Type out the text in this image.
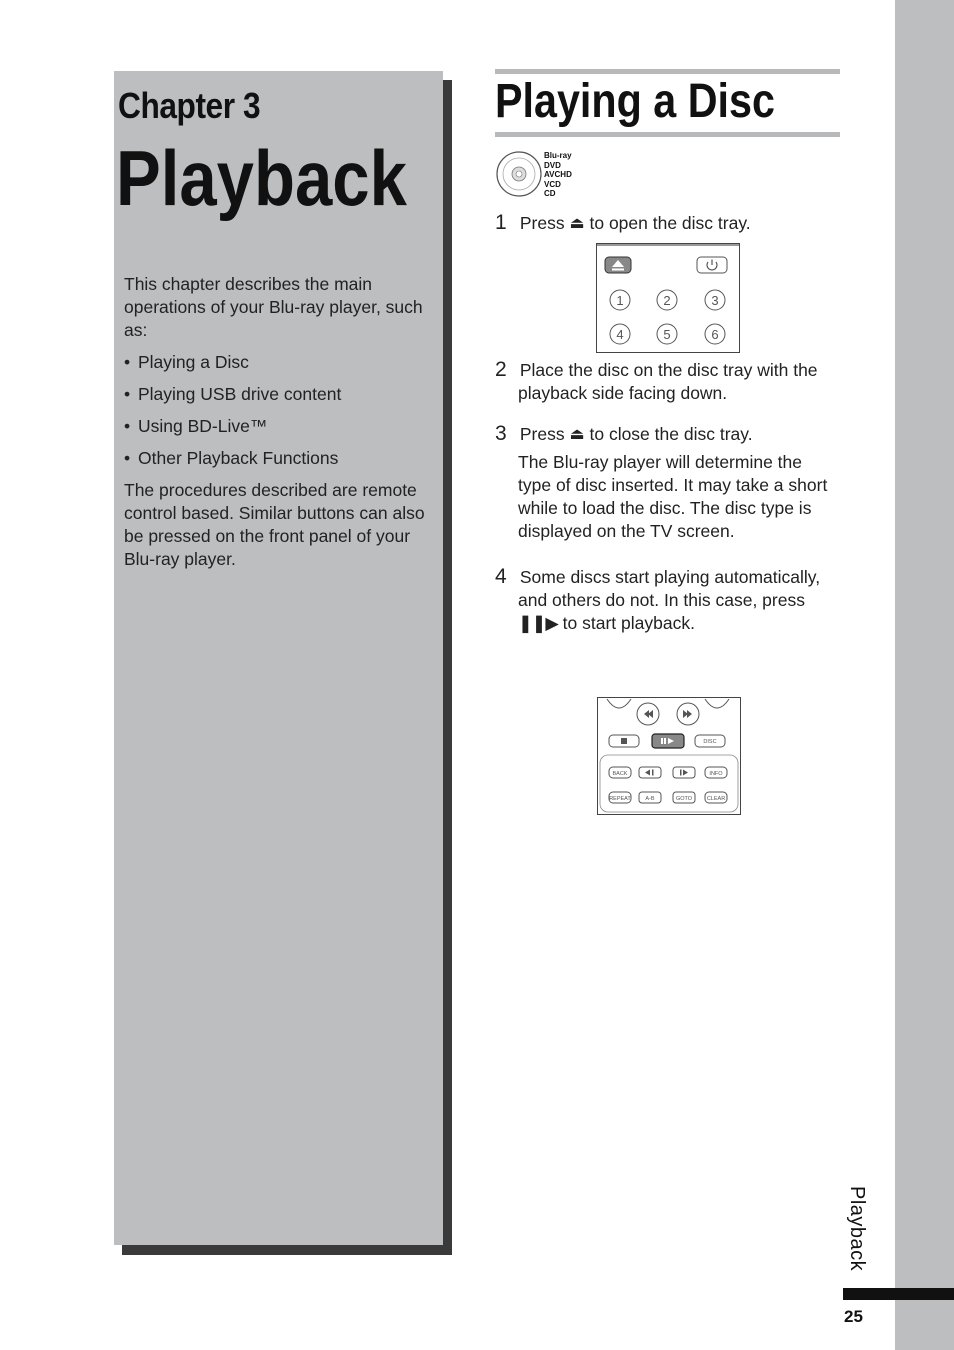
Chapter 3
Playback

This chapter describes the main operations of your Blu-ray player, such as:

• Playing a Disc
• Playing USB drive content
• Using BD-Live™
• Other Playback Functions

The procedures described are remote control based. Similar buttons can also be pressed on the front panel of your Blu-ray player.

Playing a Disc
Blu-ray
DVD
AVCHD
VCD
CD
1 Press ⏏ to open the disc tray.
1	2	3
4	5	6
2 Place the disc on the disc tray with the
playback side facing down.
3 Press ⏏ to close the disc tray.
The Blu-ray player will determine the type of disc inserted. It may take a short while to load the disc. The disc type is displayed on the TV screen.
4 Some discs start playing automatically,
and others do not. In this case, press
❚❚▶ to start playback.
DISC
BACK	INFO
REPEAT	A-B	GOTO	CLEAR
Playback
25
